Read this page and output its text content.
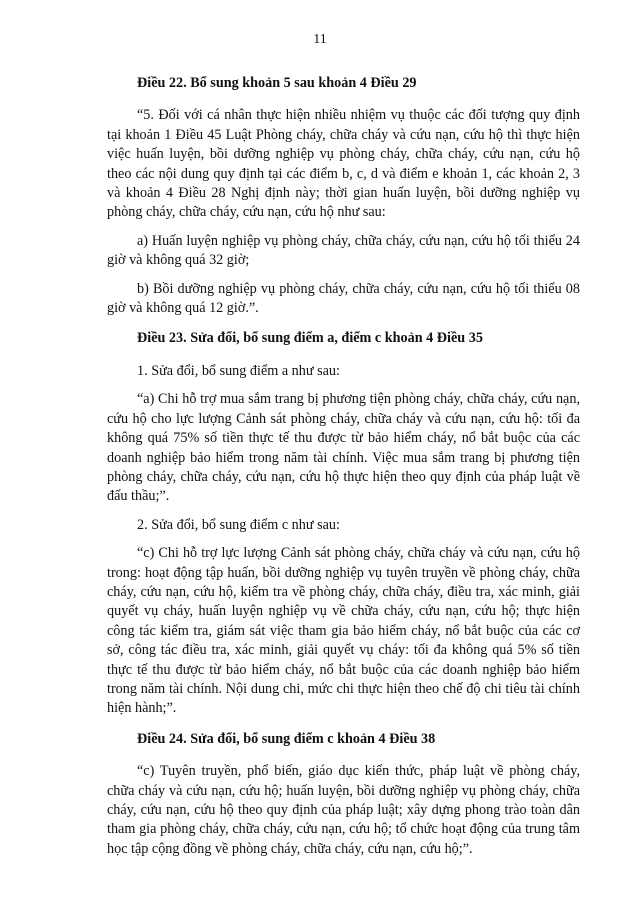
11
Điều 22. Bổ sung khoản 5 sau khoản 4 Điều 29
“5. Đối với cá nhân thực hiện nhiều nhiệm vụ thuộc các đối tượng quy định tại khoản 1 Điều 45 Luật Phòng cháy, chữa cháy và cứu nạn, cứu hộ thì thực hiện việc huấn luyện, bồi dưỡng nghiệp vụ phòng cháy, chữa cháy, cứu nạn, cứu hộ theo các nội dung quy định tại các điểm b, c, d và điểm e khoản 1, các khoản 2, 3 và khoản 4 Điều 28 Nghị định này; thời gian huấn luyện, bồi dưỡng nghiệp vụ phòng cháy, chữa cháy, cứu nạn, cứu hộ như sau:
a) Huấn luyện nghiệp vụ phòng cháy, chữa cháy, cứu nạn, cứu hộ tối thiểu 24 giờ và không quá 32 giờ;
b) Bồi dưỡng nghiệp vụ phòng cháy, chữa cháy, cứu nạn, cứu hộ tối thiểu 08 giờ và không quá 12 giờ.”.
Điều 23. Sửa đổi, bổ sung điểm a, điểm c khoản 4 Điều 35
1. Sửa đổi, bổ sung điểm a như sau:
“a) Chi hỗ trợ mua sắm trang bị phương tiện phòng cháy, chữa cháy, cứu nạn, cứu hộ cho lực lượng Cảnh sát phòng cháy, chữa cháy và cứu nạn, cứu hộ: tối đa không quá 75% số tiền thực tế thu được từ bảo hiểm cháy, nổ bắt buộc của các doanh nghiệp bảo hiểm trong năm tài chính. Việc mua sắm trang bị phương tiện phòng cháy, chữa cháy, cứu nạn, cứu hộ thực hiện theo quy định của pháp luật về đấu thầu;”.
2. Sửa đổi, bổ sung điểm c như sau:
“c) Chi hỗ trợ lực lượng Cảnh sát phòng cháy, chữa cháy và cứu nạn, cứu hộ trong: hoạt động tập huấn, bồi dưỡng nghiệp vụ tuyên truyền về phòng cháy, chữa cháy, cứu nạn, cứu hộ, kiểm tra về phòng cháy, chữa cháy, điều tra, xác minh, giải quyết vụ cháy, huấn luyện nghiệp vụ về chữa cháy, cứu nạn, cứu hộ; thực hiện công tác kiểm tra, giám sát việc tham gia bảo hiểm cháy, nổ bắt buộc của các cơ sở, công tác điều tra, xác minh, giải quyết vụ cháy: tối đa không quá 5% số tiền thực tế thu được từ bảo hiểm cháy, nổ bắt buộc của các doanh nghiệp bảo hiểm trong năm tài chính. Nội dung chi, mức chi thực hiện theo chế độ chi tiêu tài chính hiện hành;”.
Điều 24. Sửa đổi, bổ sung điểm c khoản 4 Điều 38
“c) Tuyên truyền, phổ biến, giáo dục kiến thức, pháp luật về phòng cháy, chữa cháy và cứu nạn, cứu hộ; huấn luyện, bồi dưỡng nghiệp vụ phòng cháy, chữa cháy, cứu nạn, cứu hộ theo quy định của pháp luật; xây dựng phong trào toàn dân tham gia phòng cháy, chữa cháy, cứu nạn, cứu hộ; tổ chức hoạt động của trung tâm học tập cộng đồng về phòng cháy, chữa cháy, cứu nạn, cứu hộ;”.
